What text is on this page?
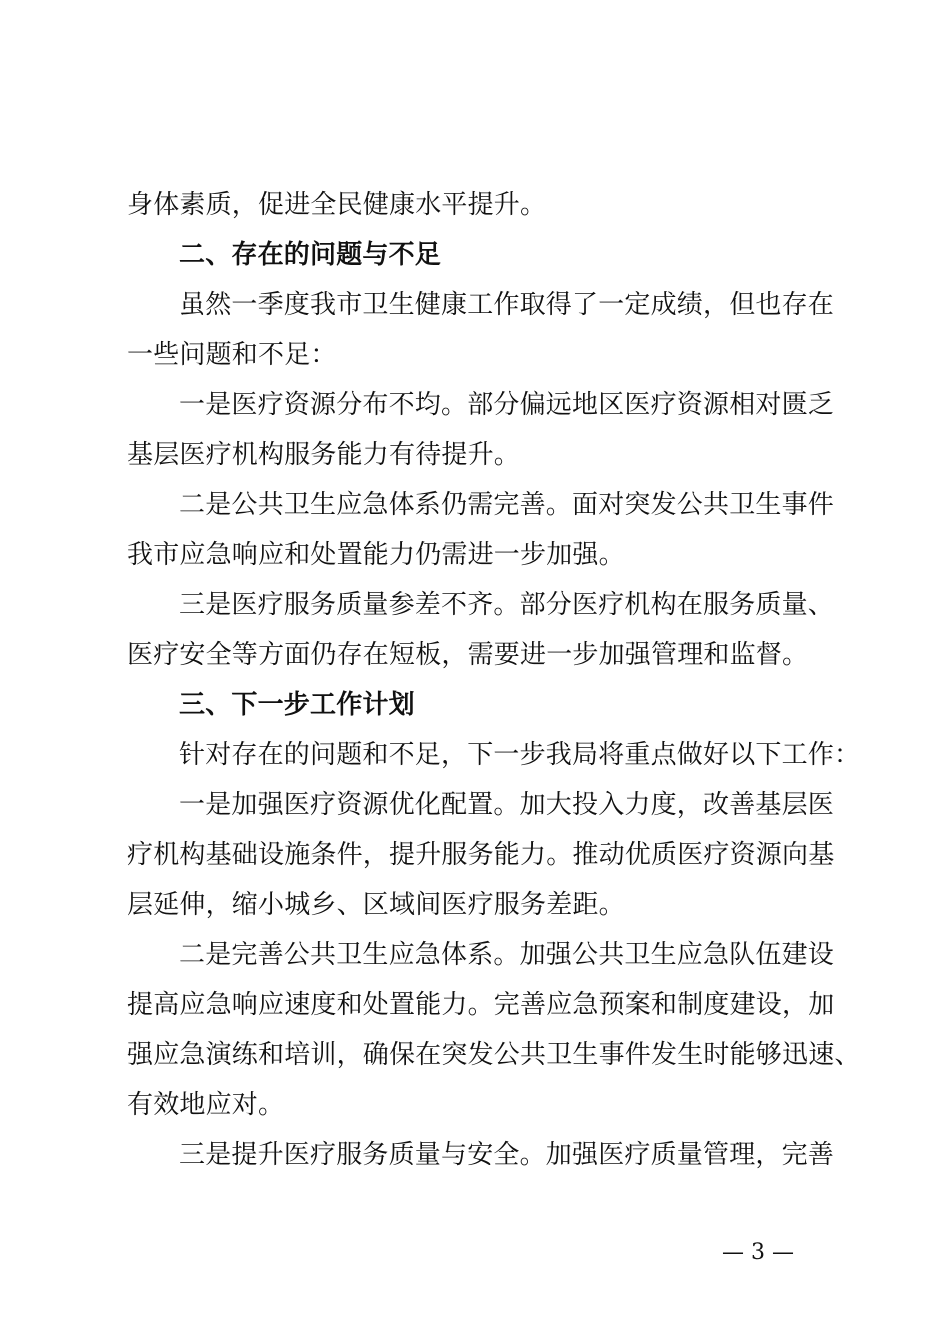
身体素质，促进全民健康水平提升。
二、存在的问题与不足
虽然一季度我市卫生健康工作取得了一定成绩，但也存在
一些问题和不足：
一是医疗资源分布不均。部分偏远地区医疗资源相对匮乏
基层医疗机构服务能力有待提升。
二是公共卫生应急体系仍需完善。面对突发公共卫生事件
我市应急响应和处置能力仍需进一步加强。
三是医疗服务质量参差不齐。部分医疗机构在服务质量、
医疗安全等方面仍存在短板，需要进一步加强管理和监督。
三、下一步工作计划
针对存在的问题和不足，下一步我局将重点做好以下工作：
一是加强医疗资源优化配置。加大投入力度，改善基层医
疗机构基础设施条件，提升服务能力。推动优质医疗资源向基
层延伸，缩小城乡、区域间医疗服务差距。
二是完善公共卫生应急体系。加强公共卫生应急队伍建设
提高应急响应速度和处置能力。完善应急预案和制度建设，加
强应急演练和培训，确保在突发公共卫生事件发生时能够迅速、
有效地应对。
三是提升医疗服务质量与安全。加强医疗质量管理，完善
— 3 —
